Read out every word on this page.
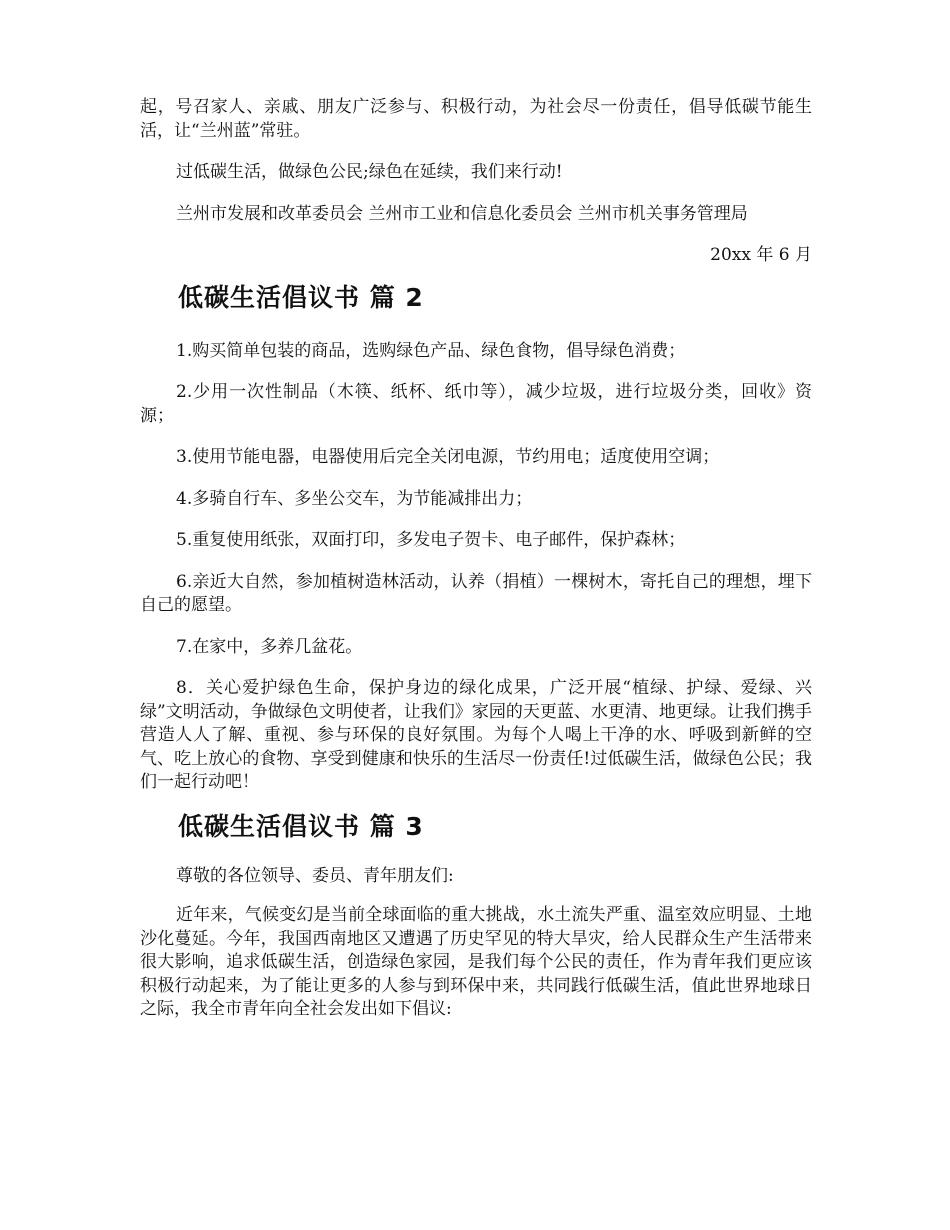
起，号召家人、亲戚、朋友广泛参与、积极行动，为社会尽一份责任，倡导低碳节能生活，让“兰州蓝”常驻。

过低碳生活，做绿色公民;绿色在延续，我们来行动!

兰州市发展和改革委员会 兰州市工业和信息化委员会 兰州市机关事务管理局

20xx 年 6 月

低碳生活倡议书 篇 2

1.购买简单包装的商品，选购绿色产品、绿色食物，倡导绿色消费；

2.少用一次性制品（木筷、纸杯、纸巾等），减少垃圾，进行垃圾分类，回收》资源；

3.使用节能电器，电器使用后完全关闭电源，节约用电；适度使用空调；

4.多骑自行车、多坐公交车，为节能减排出力；

5.重复使用纸张，双面打印，多发电子贺卡、电子邮件，保护森林；

6.亲近大自然，参加植树造林活动，认养（捐植）一棵树木，寄托自己的理想，埋下自己的愿望。

7.在家中，多养几盆花。

8．关心爱护绿色生命，保护身边的绿化成果，广泛开展“植绿、护绿、爱绿、兴绿”文明活动，争做绿色文明使者，让我们》家园的天更蓝、水更清、地更绿。让我们携手营造人人了解、重视、参与环保的良好氛围。为每个人喝上干净的水、呼吸到新鲜的空气、吃上放心的食物、享受到健康和快乐的生活尽一份责任!过低碳生活，做绿色公民；我们一起行动吧！

低碳生活倡议书 篇 3

尊敬的各位领导、委员、青年朋友们:

近年来，气候变幻是当前全球面临的重大挑战，水土流失严重、温室效应明显、土地沙化蔓延。今年，我国西南地区又遭遇了历史罕见的特大旱灾，给人民群众生产生活带来很大影响，追求低碳生活，创造绿色家园，是我们每个公民的责任，作为青年我们更应该积极行动起来，为了能让更多的人参与到环保中来，共同践行低碳生活，值此世界地球日之际，我全市青年向全社会发出如下倡议:
